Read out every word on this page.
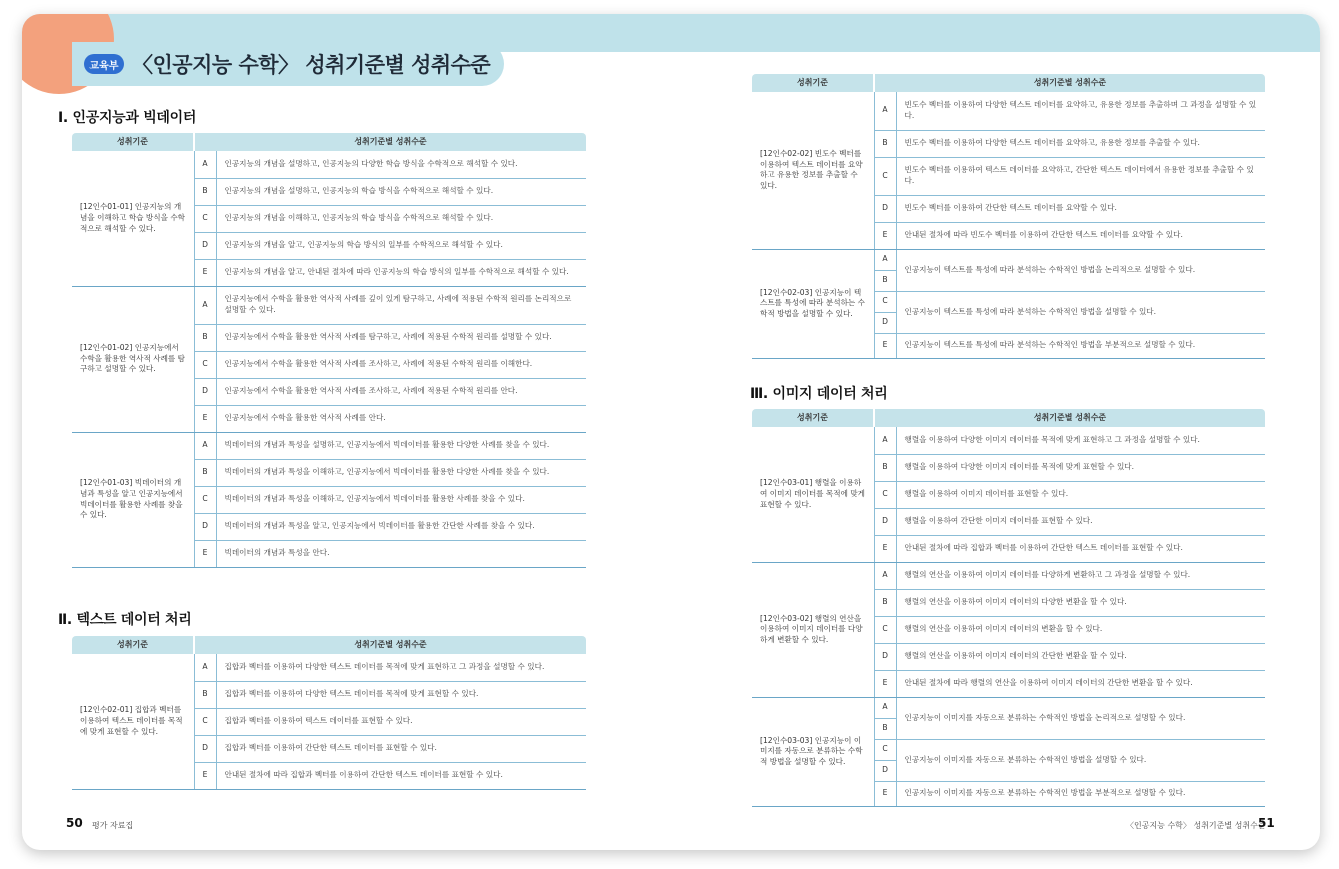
교육부 〈인공지능 수학〉 성취기준별 성취수준
Ⅰ. 인공지능과 빅데이터
성취기준	성취기준별 성취수준	
[12인수01-01] 인공지능의 개념을 이해하고 학습 방식을 수학적으로 해석할 수 있다.	A	인공지능의 개념을 설명하고, 인공지능의 다양한 학습 방식을 수학적으로 해석할 수 있다.
	B	인공지능의 개념을 설명하고, 인공지능의 학습 방식을 수학적으로 해석할 수 있다.
	C	인공지능의 개념을 이해하고, 인공지능의 학습 방식을 수학적으로 해석할 수 있다.
	D	인공지능의 개념을 알고, 인공지능의 학습 방식의 일부를 수학적으로 해석할 수 있다.
	E	인공지능의 개념을 알고, 안내된 절차에 따라 인공지능의 학습 방식의 일부를 수학적으로 해석할 수 있다.
[12인수01-02] 인공지능에서 수학을 활용한 역사적 사례를 탐구하고 설명할 수 있다.	A	인공지능에서 수학을 활용한 역사적 사례를 깊이 있게 탐구하고, 사례에 적용된 수학적 원리를 논리적으로 설명할 수 있다.
	B	인공지능에서 수학을 활용한 역사적 사례를 탐구하고, 사례에 적용된 수학적 원리를 설명할 수 있다.
	C	인공지능에서 수학을 활용한 역사적 사례를 조사하고, 사례에 적용된 수학적 원리를 이해한다.
	D	인공지능에서 수학을 활용한 역사적 사례를 조사하고, 사례에 적용된 수학적 원리를 안다.
	E	인공지능에서 수학을 활용한 역사적 사례를 안다.
[12인수01-03] 빅데이터의 개념과 특성을 알고 인공지능에서 빅데이터를 활용한 사례를 찾을 수 있다.	A	빅데이터의 개념과 특성을 설명하고, 인공지능에서 빅데이터를 활용한 다양한 사례를 찾을 수 있다.
	B	빅데이터의 개념과 특성을 이해하고, 인공지능에서 빅데이터를 활용한 다양한 사례를 찾을 수 있다.
	C	빅데이터의 개념과 특성을 이해하고, 인공지능에서 빅데이터를 활용한 사례를 찾을 수 있다.
	D	빅데이터의 개념과 특성을 알고, 인공지능에서 빅데이터를 활용한 간단한 사례를 찾을 수 있다.
	E	빅데이터의 개념과 특성을 안다.
Ⅱ. 텍스트 데이터 처리
성취기준	성취기준별 성취수준	
[12인수02-01] 집합과 벡터를 이용하여 텍스트 데이터를 목적에 맞게 표현할 수 있다.	A	집합과 벡터를 이용하여 다양한 텍스트 데이터를 목적에 맞게 표현하고 그 과정을 설명할 수 있다.
	B	집합과 벡터를 이용하여 다양한 텍스트 데이터를 목적에 맞게 표현할 수 있다.
	C	집합과 벡터를 이용하여 텍스트 데이터를 표현할 수 있다.
	D	집합과 벡터를 이용하여 간단한 텍스트 데이터를 표현할 수 있다.
	E	안내된 절차에 따라 집합과 벡터를 이용하여 간단한 텍스트 데이터를 표현할 수 있다.
성취기준	성취기준별 성취수준	
[12인수02-02] 빈도수 벡터를 이용하여 텍스트 데이터를 요약하고 유용한 정보를 추출할 수 있다.	A	빈도수 벡터를 이용하여 다양한 텍스트 데이터를 요약하고, 유용한 정보를 추출하며 그 과정을 설명할 수 있다.
	B	빈도수 벡터를 이용하여 다양한 텍스트 데이터를 요약하고, 유용한 정보를 추출할 수 있다.
	C	빈도수 벡터를 이용하여 텍스트 데이터를 요약하고, 간단한 텍스트 데이터에서 유용한 정보를 추출할 수 있다.
	D	빈도수 벡터를 이용하여 간단한 텍스트 데이터를 요약할 수 있다.
	E	안내된 절차에 따라 빈도수 벡터를 이용하여 간단한 텍스트 데이터를 요약할 수 있다.
[12인수02-03] 인공지능이 텍스트를 특성에 따라 분석하는 수학적 방법을 설명할 수 있다.	A	인공지능이 텍스트를 특성에 따라 분석하는 수학적인 방법을 논리적으로 설명할 수 있다.
	B	
	C	인공지능이 텍스트를 특성에 따라 분석하는 수학적인 방법을 설명할 수 있다.
	D	
	E	인공지능이 텍스트를 특성에 따라 분석하는 수학적인 방법을 부분적으로 설명할 수 있다.
Ⅲ. 이미지 데이터 처리
성취기준	성취기준별 성취수준	
[12인수03-01] 행렬을 이용하여 이미지 데이터를 목적에 맞게 표현할 수 있다.	A	행렬을 이용하여 다양한 이미지 데이터를 목적에 맞게 표현하고 그 과정을 설명할 수 있다.
	B	행렬을 이용하여 다양한 이미지 데이터를 목적에 맞게 표현할 수 있다.
	C	행렬을 이용하여 이미지 데이터를 표현할 수 있다.
	D	행렬을 이용하여 간단한 이미지 데이터를 표현할 수 있다.
	E	안내된 절차에 따라 집합과 벡터를 이용하여 간단한 텍스트 데이터를 표현할 수 있다.
[12인수03-02] 행렬의 연산을 이용하여 이미지 데이터를 다양하게 변환할 수 있다.	A	행렬의 연산을 이용하여 이미지 데이터를 다양하게 변환하고 그 과정을 설명할 수 있다.
	B	행렬의 연산을 이용하여 이미지 데이터의 다양한 변환을 할 수 있다.
	C	행렬의 연산을 이용하여 이미지 데이터의 변환을 할 수 있다.
	D	행렬의 연산을 이용하여 이미지 데이터의 간단한 변환을 할 수 있다.
	E	안내된 절차에 따라 행렬의 연산을 이용하여 이미지 데이터의 간단한 변환을 할 수 있다.
[12인수03-03] 인공지능이 이미지를 자동으로 분류하는 수학적 방법을 설명할 수 있다.	A	인공지능이 이미지를 자동으로 분류하는 수학적인 방법을 논리적으로 설명할 수 있다.
	B	
	C	인공지능이 이미지를 자동으로 분류하는 수학적인 방법을 설명할 수 있다.
	D	
	E	인공지능이 이미지를 자동으로 분류하는 수학적인 방법을 부분적으로 설명할 수 있다.
50 평가 자료집	〈인공지능 수학〉 성취기준별 성취수준
51
